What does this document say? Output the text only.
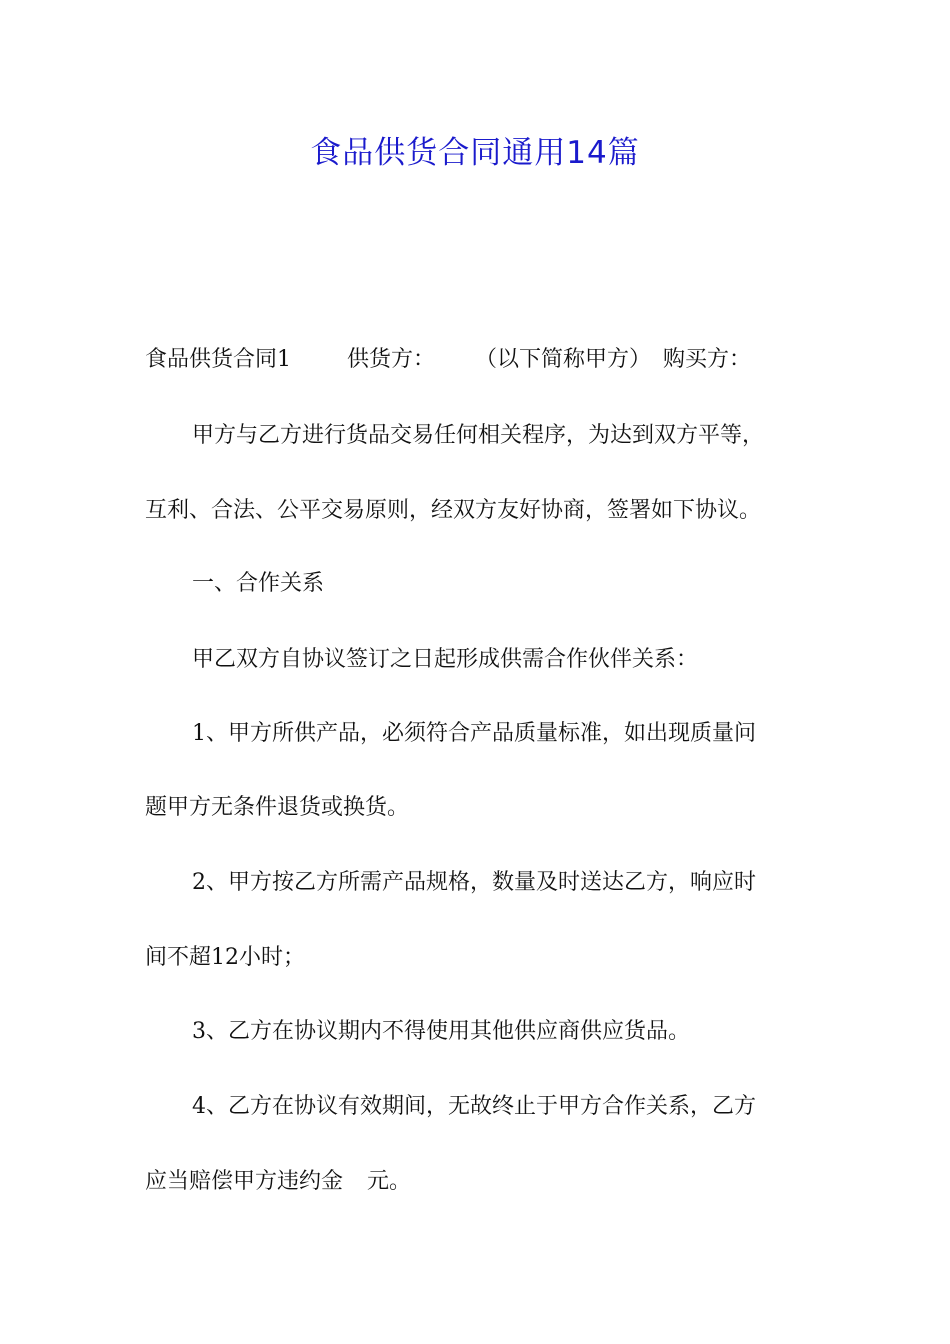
食品供货合同通用14篇
食品供货合同1	供货方： （以下简称甲方） 购买方：
甲方与乙方进行货品交易任何相关程序，为达到双方平等，
互利、合法、公平交易原则，经双方友好协商，签署如下协议。
一、合作关系
甲乙双方自协议签订之日起形成供需合作伙伴关系：
1、甲方所供产品，必须符合产品质量标准，如出现质量问
题甲方无条件退货或换货。
2、甲方按乙方所需产品规格，数量及时送达乙方，响应时
间不超12小时；
3、乙方在协议期内不得使用其他供应商供应货品。
4、乙方在协议有效期间，无故终止于甲方合作关系，乙方
应当赔偿甲方违约金 元。
